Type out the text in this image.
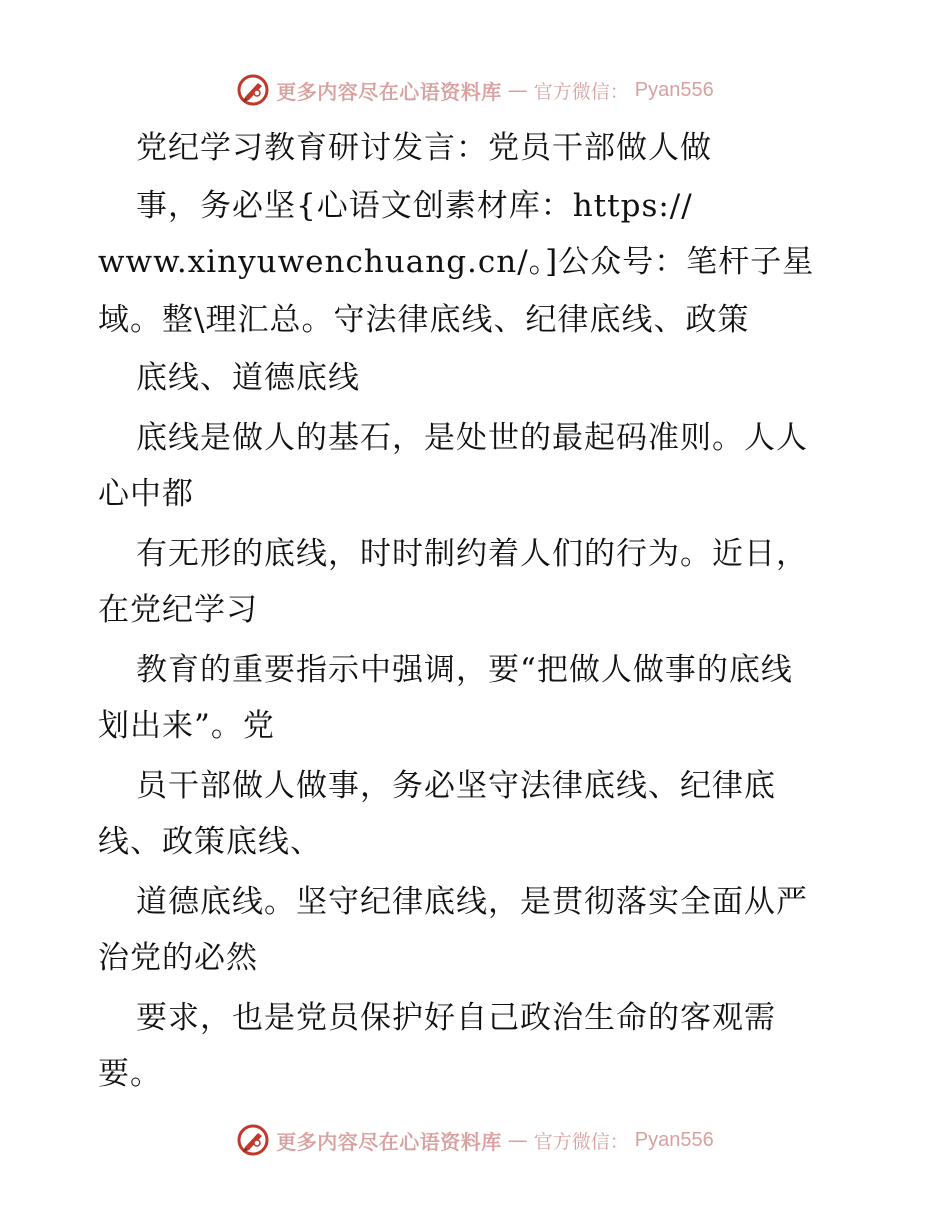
更多内容尽在心语资料库 — 官方微信： Pyan556
党纪学习教育研讨发言：党员干部做人做
事，务必坚{心语文创素材库：https://
www.xinyuwenchuang.cn/。]公众号：笔杆子星
域。整\理汇总。守法律底线、纪律底线、政策
底线、道德底线
底线是做人的基石，是处世的最起码准则。人人
心中都
有无形的底线，时时制约着人们的行为。近日，
在党纪学习
教育的重要指示中强调，要“把做人做事的底线
划出来”。党
员干部做人做事，务必坚守法律底线、纪律底
线、政策底线、
道德底线。坚守纪律底线，是贯彻落实全面从严
治党的必然
要求，也是党员保护好自己政治生命的客观需
要。
更多内容尽在心语资料库 — 官方微信： Pyan556
